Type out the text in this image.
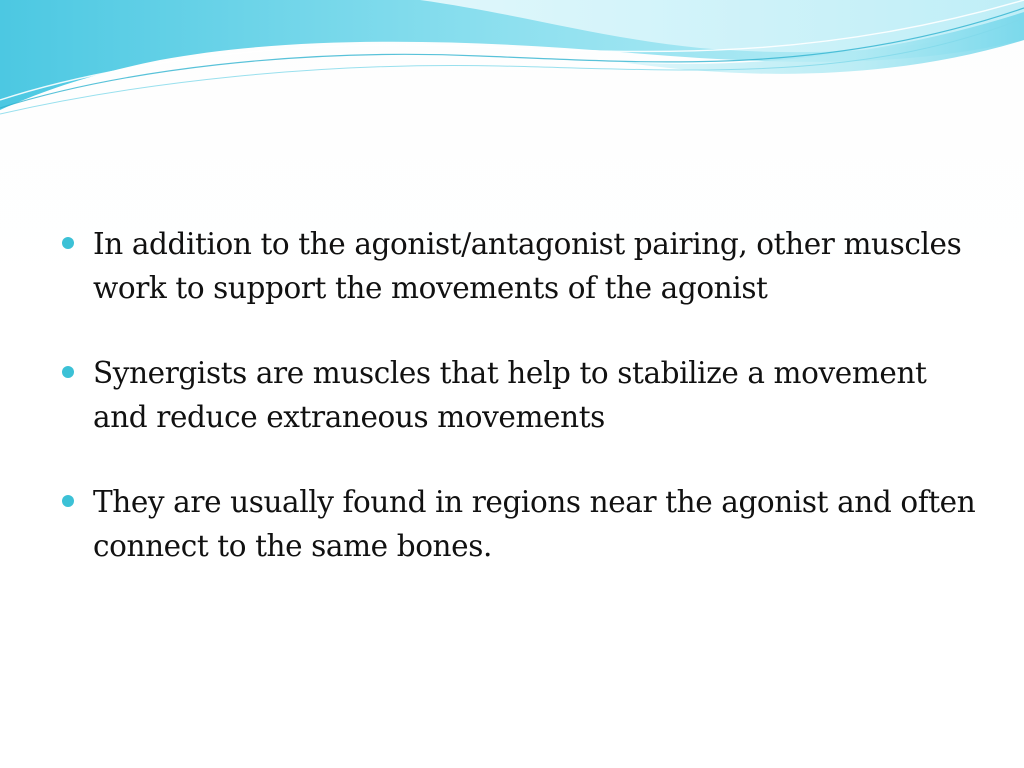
In addition to the agonist/antagonist pairing, other muscles work to support the movements of the agonist
Synergists are muscles that help to stabilize a movement and reduce extraneous movements
They are usually found in regions near the agonist and often connect to the same bones.
